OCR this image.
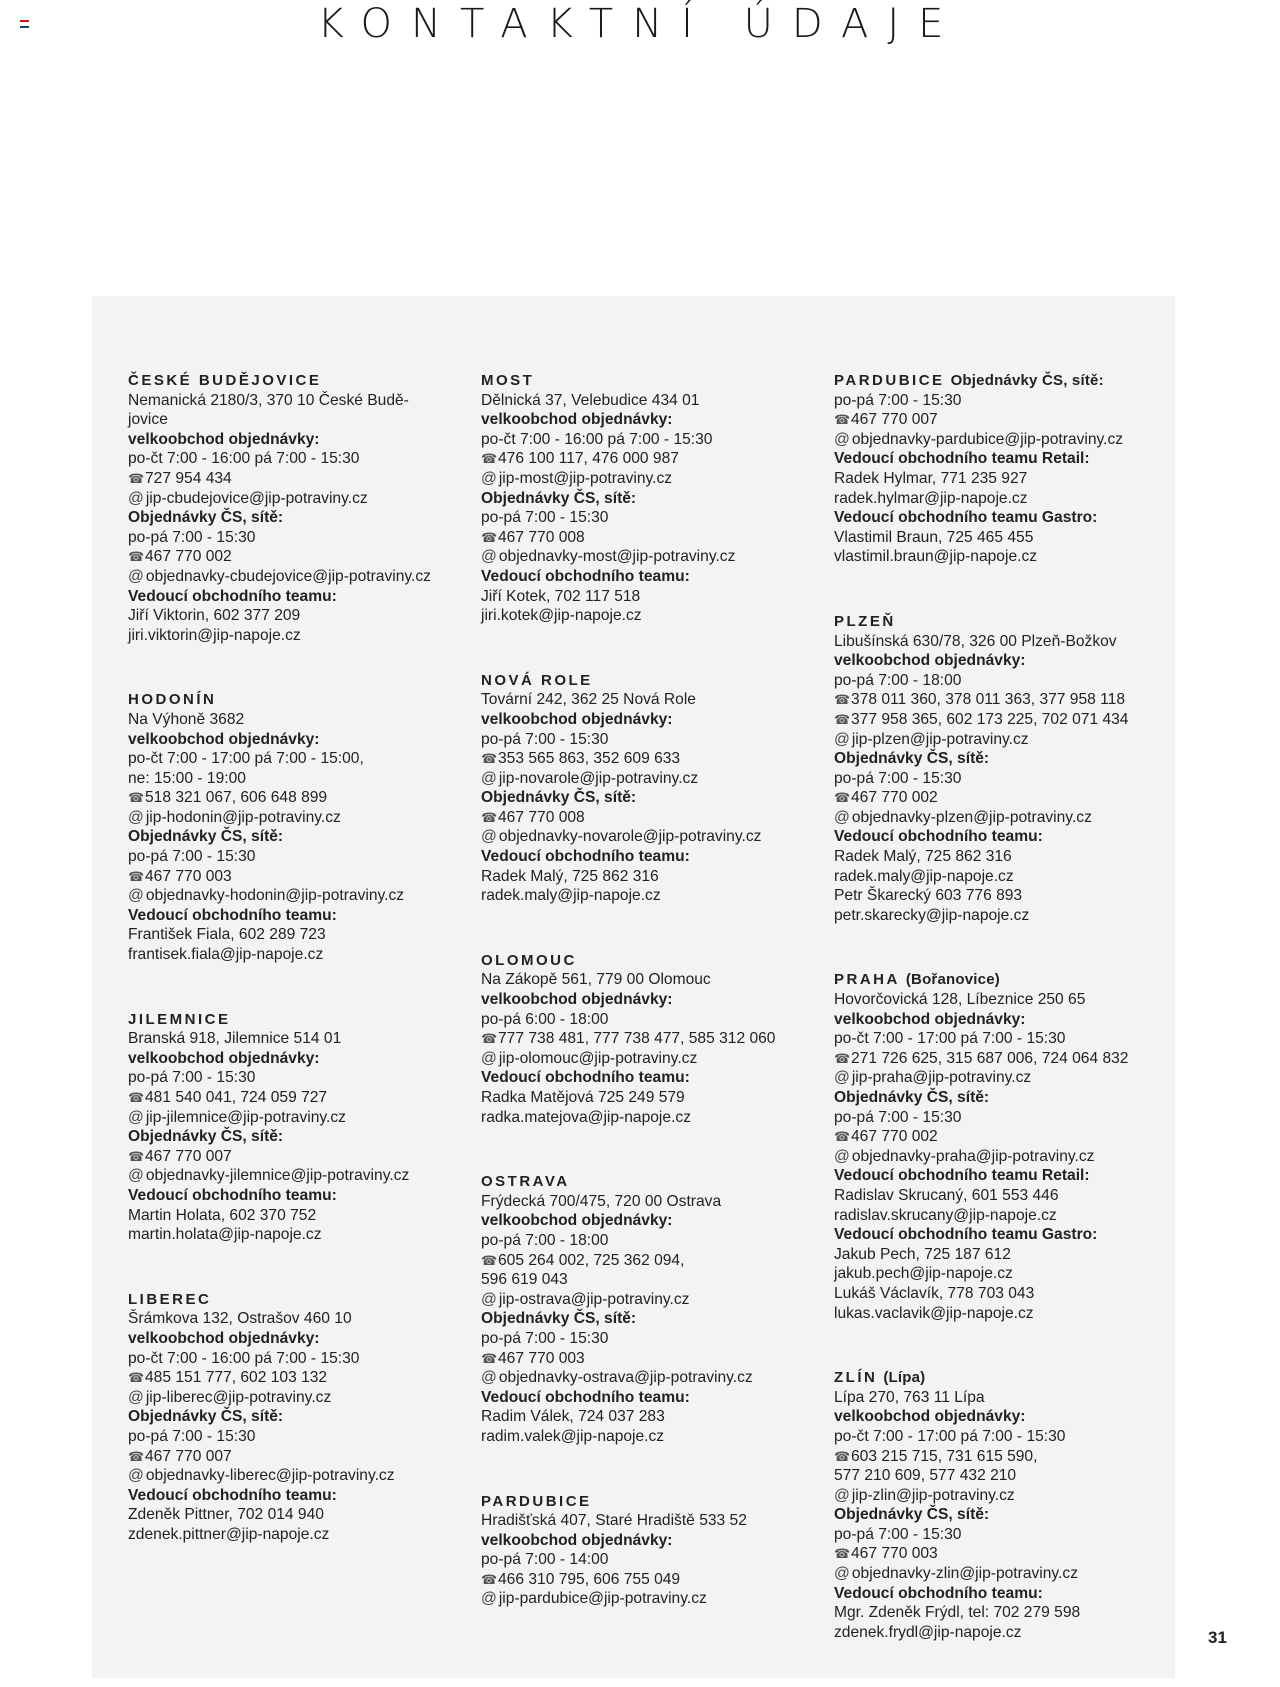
KONTAKTNÍ ÚDAJE
ČESKÉ BUDĚJOVICE
Nemanická 2180/3, 370 10 České Budě-
jovice
velkoobchod objednávky:
po-čt 7:00 - 16:00 pá 7:00 - 15:30
☎727 954 434
@ jip-cbudejovice@jip-potraviny.cz
Objednávky ČS, sítě:
po-pá 7:00 - 15:30
☎467 770 002
@ objednavky-cbudejovice@jip-potraviny.cz
Vedoucí obchodního teamu:
Jiří Viktorin, 602 377 209
jiri.viktorin@jip-napoje.cz
HODONÍN
Na Výhoně 3682
velkoobchod objednávky:
po-čt 7:00 - 17:00 pá 7:00 - 15:00,
ne: 15:00 - 19:00
☎518 321 067, 606 648 899
@ jip-hodonin@jip-potraviny.cz
Objednávky ČS, sítě:
po-pá 7:00 - 15:30
☎467 770 003
@ objednavky-hodonin@jip-potraviny.cz
Vedoucí obchodního teamu:
František Fiala, 602 289 723
frantisek.fiala@jip-napoje.cz
JILEMNICE
Branská 918, Jilemnice 514 01
velkoobchod objednávky:
po-pá 7:00 - 15:30
☎481 540 041, 724 059 727
@ jip-jilemnice@jip-potraviny.cz
Objednávky ČS, sítě:
☎467 770 007
@ objednavky-jilemnice@jip-potraviny.cz
Vedoucí obchodního teamu:
Martin Holata, 602 370 752
martin.holata@jip-napoje.cz
LIBEREC
Šrámkova 132, Ostrašov 460 10
velkoobchod objednávky:
po-čt 7:00 - 16:00 pá 7:00 - 15:30
☎485 151 777, 602 103 132
@ jip-liberec@jip-potraviny.cz
Objednávky ČS, sítě:
po-pá 7:00 - 15:30
☎467 770 007
@ objednavky-liberec@jip-potraviny.cz
Vedoucí obchodního teamu:
Zdeněk Pittner, 702 014 940
zdenek.pittner@jip-napoje.cz
MOST
Dělnická 37, Velebudice 434 01
velkoobchod objednávky:
po-čt 7:00 - 16:00 pá 7:00 - 15:30
☎476 100 117, 476 000 987
@ jip-most@jip-potraviny.cz
Objednávky ČS, sítě:
po-pá 7:00 - 15:30
☎467 770 008
@ objednavky-most@jip-potraviny.cz
Vedoucí obchodního teamu:
Jiří Kotek, 702 117 518
jiri.kotek@jip-napoje.cz
NOVÁ ROLE
Tovární 242, 362 25 Nová Role
velkoobchod objednávky:
po-pá 7:00 - 15:30
☎353 565 863, 352 609 633
@ jip-novarole@jip-potraviny.cz
Objednávky ČS, sítě:
☎467 770 008
@ objednavky-novarole@jip-potraviny.cz
Vedoucí obchodního teamu:
Radek Malý, 725 862 316
radek.maly@jip-napoje.cz
OLOMOUC
Na Zákopě 561, 779 00 Olomouc
velkoobchod objednávky:
po-pá 6:00 - 18:00
☎777 738 481, 777 738 477, 585 312 060
@ jip-olomouc@jip-potraviny.cz
Vedoucí obchodního teamu:
Radka Matějová 725 249 579
radka.matejova@jip-napoje.cz
OSTRAVA
Frýdecká 700/475, 720 00 Ostrava
velkoobchod objednávky:
po-pá 7:00 - 18:00
☎605 264 002, 725 362 094,
596 619 043
@ jip-ostrava@jip-potraviny.cz
Objednávky ČS, sítě:
po-pá 7:00 - 15:30
☎467 770 003
@ objednavky-ostrava@jip-potraviny.cz
Vedoucí obchodního teamu:
Radim Válek, 724 037 283
radim.valek@jip-napoje.cz
PARDUBICE
Hradišťská 407, Staré Hradiště 533 52
velkoobchod objednávky:
po-pá 7:00 - 14:00
☎466 310 795, 606 755 049
@ jip-pardubice@jip-potraviny.cz
PARDUBICE Objednávky ČS, sítě:
po-pá 7:00 - 15:30
☎467 770 007
@ objednavky-pardubice@jip-potraviny.cz
Vedoucí obchodního teamu Retail:
Radek Hylmar, 771 235 927
radek.hylmar@jip-napoje.cz
Vedoucí obchodního teamu Gastro:
Vlastimil Braun, 725 465 455
vlastimil.braun@jip-napoje.cz
PLZEŇ
Libušínská 630/78, 326 00 Plzeň-Božkov
velkoobchod objednávky:
po-pá 7:00 - 18:00
☎378 011 360, 378 011 363, 377 958 118
☎377 958 365, 602 173 225, 702 071 434
@ jip-plzen@jip-potraviny.cz
Objednávky ČS, sítě:
po-pá 7:00 - 15:30
☎467 770 002
@ objednavky-plzen@jip-potraviny.cz
Vedoucí obchodního teamu:
Radek Malý, 725 862 316
radek.maly@jip-napoje.cz
Petr Škarecký 603 776 893
petr.skarecky@jip-napoje.cz
PRAHA (Bořanovice)
Hovorčovická 128, Líbeznice 250 65
velkoobchod objednávky:
po-čt 7:00 - 17:00 pá 7:00 - 15:30
☎271 726 625, 315 687 006, 724 064 832
@ jip-praha@jip-potraviny.cz
Objednávky ČS, sítě:
po-pá 7:00 - 15:30
☎467 770 002
@ objednavky-praha@jip-potraviny.cz
Vedoucí obchodního teamu Retail:
Radislav Skrucaný, 601 553 446
radislav.skrucany@jip-napoje.cz
Vedoucí obchodního teamu Gastro:
Jakub Pech, 725 187 612
jakub.pech@jip-napoje.cz
Lukáš Václavík, 778 703 043
lukas.vaclavik@jip-napoje.cz
ZLÍN (Lípa)
Lípa 270, 763 11 Lípa
velkoobchod objednávky:
po-čt 7:00 - 17:00 pá 7:00 - 15:30
☎603 215 715, 731 615 590,
577 210 609, 577 432 210
@ jip-zlin@jip-potraviny.cz
Objednávky ČS, sítě:
po-pá 7:00 - 15:30
☎467 770 003
@ objednavky-zlin@jip-potraviny.cz
Vedoucí obchodního teamu:
Mgr. Zdeněk Frýdl, tel: 702 279 598
zdenek.frydl@jip-napoje.cz	31
